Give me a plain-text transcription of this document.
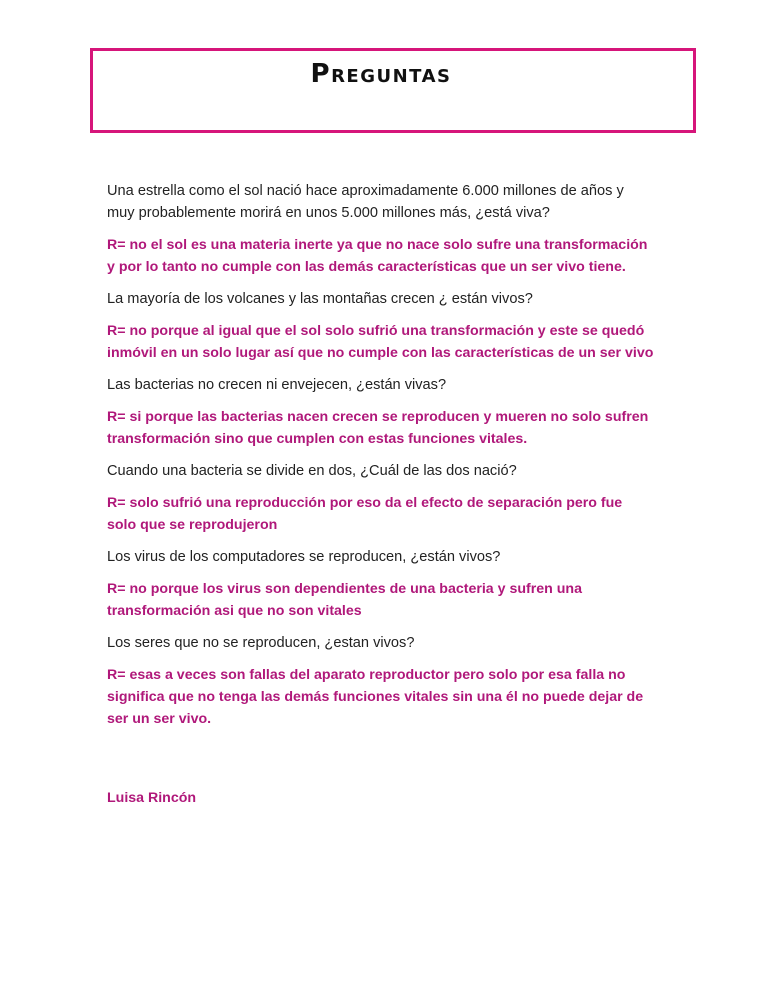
Preguntas

Una estrella como el sol nació hace aproximadamente 6.000 millones de años y muy probablemente morirá en unos 5.000 millones más, ¿está viva?

R= no el sol es una materia inerte ya que no nace solo sufre una transformación y por lo tanto no cumple con las demás características que un ser vivo tiene.

La mayoría de los volcanes y las montañas crecen ¿ están vivos?

R= no porque al igual que el sol solo sufrió una transformación y este se quedó inmóvil en un solo lugar así que no cumple con las características de un ser vivo

Las bacterias no crecen ni envejecen, ¿están vivas?

R= si porque las bacterias nacen crecen se reproducen y mueren no solo sufren transformación sino que cumplen con estas funciones vitales.

Cuando una bacteria se divide en dos, ¿Cuál de las dos nació?

R= solo sufrió una reproducción por eso da el efecto de separación pero fue solo que se reprodujeron

Los virus de los computadores se reproducen, ¿están vivos?

R= no porque los virus son dependientes de una bacteria y sufren una transformación asi que no son vitales

Los seres que no se reproducen, ¿estan vivos?

R= esas a veces son fallas del aparato reproductor pero solo por esa falla no significa que no tenga las demás funciones vitales sin una él no puede dejar de ser un ser vivo.

Luisa Rincón
